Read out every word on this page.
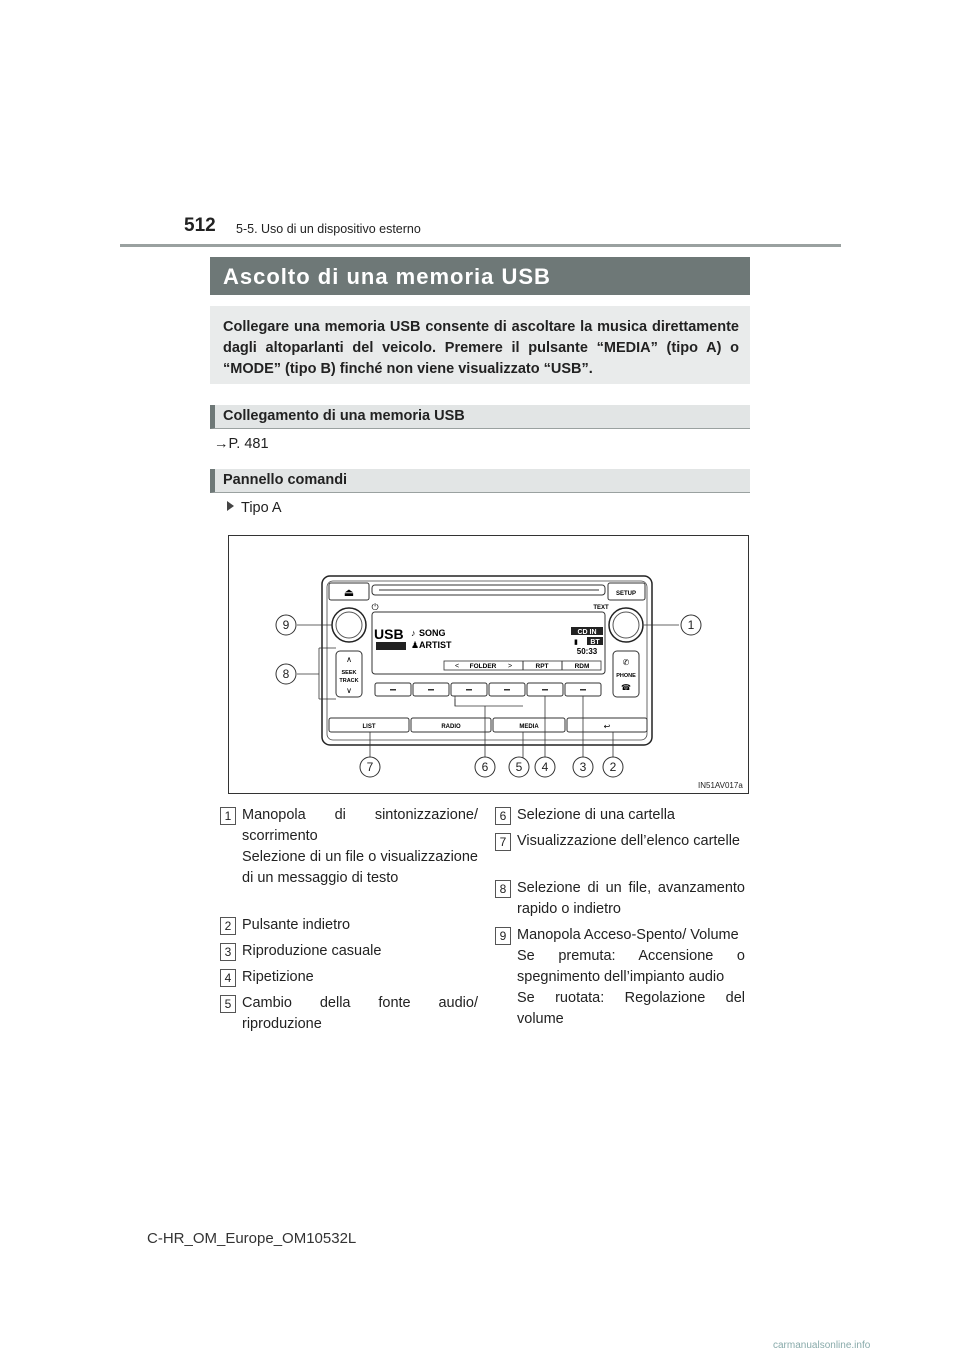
512 5-5. Uso di un dispositivo esterno
Ascolto di una memoria USB
Collegare una memoria USB consente di ascoltare la musica direttamente dagli altoparlanti del veicolo. Premere il pulsante “MEDIA” (tipo A) o “MODE” (tipo B) finché non viene visualizzato “USB”.
Collegamento di una memoria USB
→P. 481
Pannello comandi
Tipo A
⏏	SETUP
⏻	TEXT
USB SONG
♪
ARTIST
♟
CD IN
BT
▮
50:33
FOLDER
<	>	RPT	RDM
∧
SEEK
TRACK
∨
✆
PHONE
☎
LIST	RADIO	MEDIA	↩
9
8
1
7	6 5 4	3 2
IN51AV017a
1 Manopola di sintonizzazione/ scorrimento
Selezione di un file o visualizzazione di un messaggio di testo
2 Pulsante indietro
3 Riproduzione casuale
4 Ripetizione
5 Cambio della fonte audio/ riproduzione
6 Selezione di una cartella
7 Visualizzazione dell’elenco cartelle
8 Selezione di un file, avanzamento rapido o indietro
9 Manopola Acceso-Spento/ Volume
Se premuta: Accensione o spegnimento dell’impianto audio
Se ruotata: Regolazione del volume
C-HR_OM_Europe_OM10532L
carmanualsonline.info
